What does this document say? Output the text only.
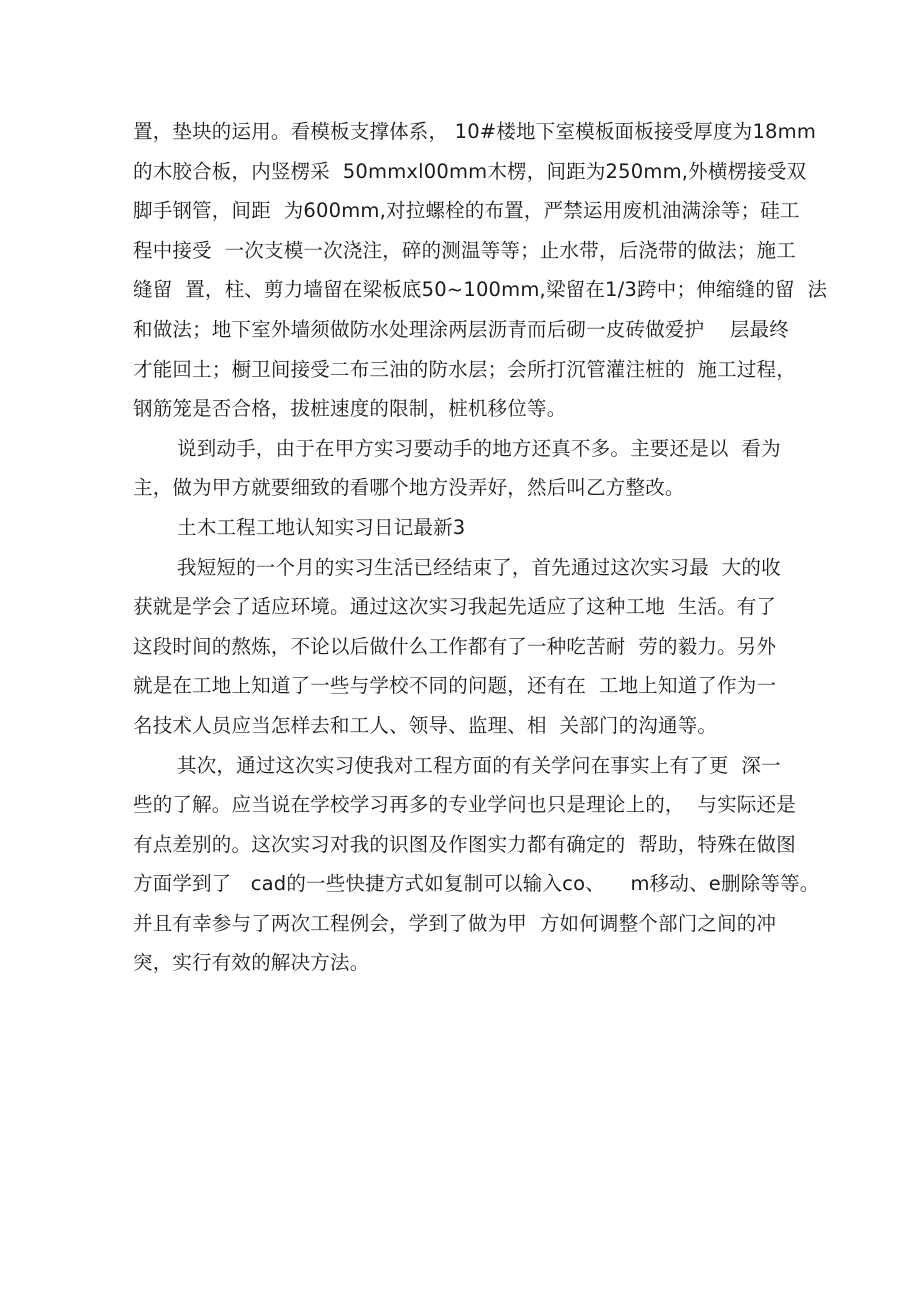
置，垫块的运用。看模板支撑体系， 10#楼地下室模板面板接受厚度为18mm
的木胶合板，内竖楞采  50mmxl00mm木楞，间距为250mm,外横楞接受双
脚手钢管，间距  为600mm,对拉螺栓的布置，严禁运用废机油满涂等；硅工
程中接受  一次支模一次浇注，碎的测温等等；止水带，后浇带的做法；施工
缝留  置，柱、剪力墙留在梁板底50~100mm,梁留在1/3跨中；伸缩缝的留  法
和做法；地下室外墙须做防水处理涂两层沥青而后砌一皮砖做爱护    层最终
才能回土；橱卫间接受二布三油的防水层；会所打沉管灌注桩的  施工过程，
钢筋笼是否合格，拔桩速度的限制，桩机移位等。
说到动手，由于在甲方实习要动手的地方还真不多。主要还是以  看为
主，做为甲方就要细致的看哪个地方没弄好，然后叫乙方整改。
土木工程工地认知实习日记最新3
我短短的一个月的实习生活已经结束了，首先通过这次实习最  大的收
获就是学会了适应环境。通过这次实习我起先适应了这种工地  生活。有了
这段时间的熬炼，不论以后做什么工作都有了一种吃苦耐  劳的毅力。另外
就是在工地上知道了一些与学校不同的问题，还有在  工地上知道了作为一
名技术人员应当怎样去和工人、领导、监理、相  关部门的沟通等。
其次，通过这次实习使我对工程方面的有关学问在事实上有了更  深一
些的了解。应当说在学校学习再多的专业学问也只是理论上的，  与实际还是
有点差别的。这次实习对我的识图及作图实力都有确定的  帮助，特殊在做图
方面学到了   cad的一些快捷方式如复制可以输入co、    m移动、e删除等等。
并且有幸参与了两次工程例会，学到了做为甲  方如何调整个部门之间的冲
突，实行有效的解决方法。
